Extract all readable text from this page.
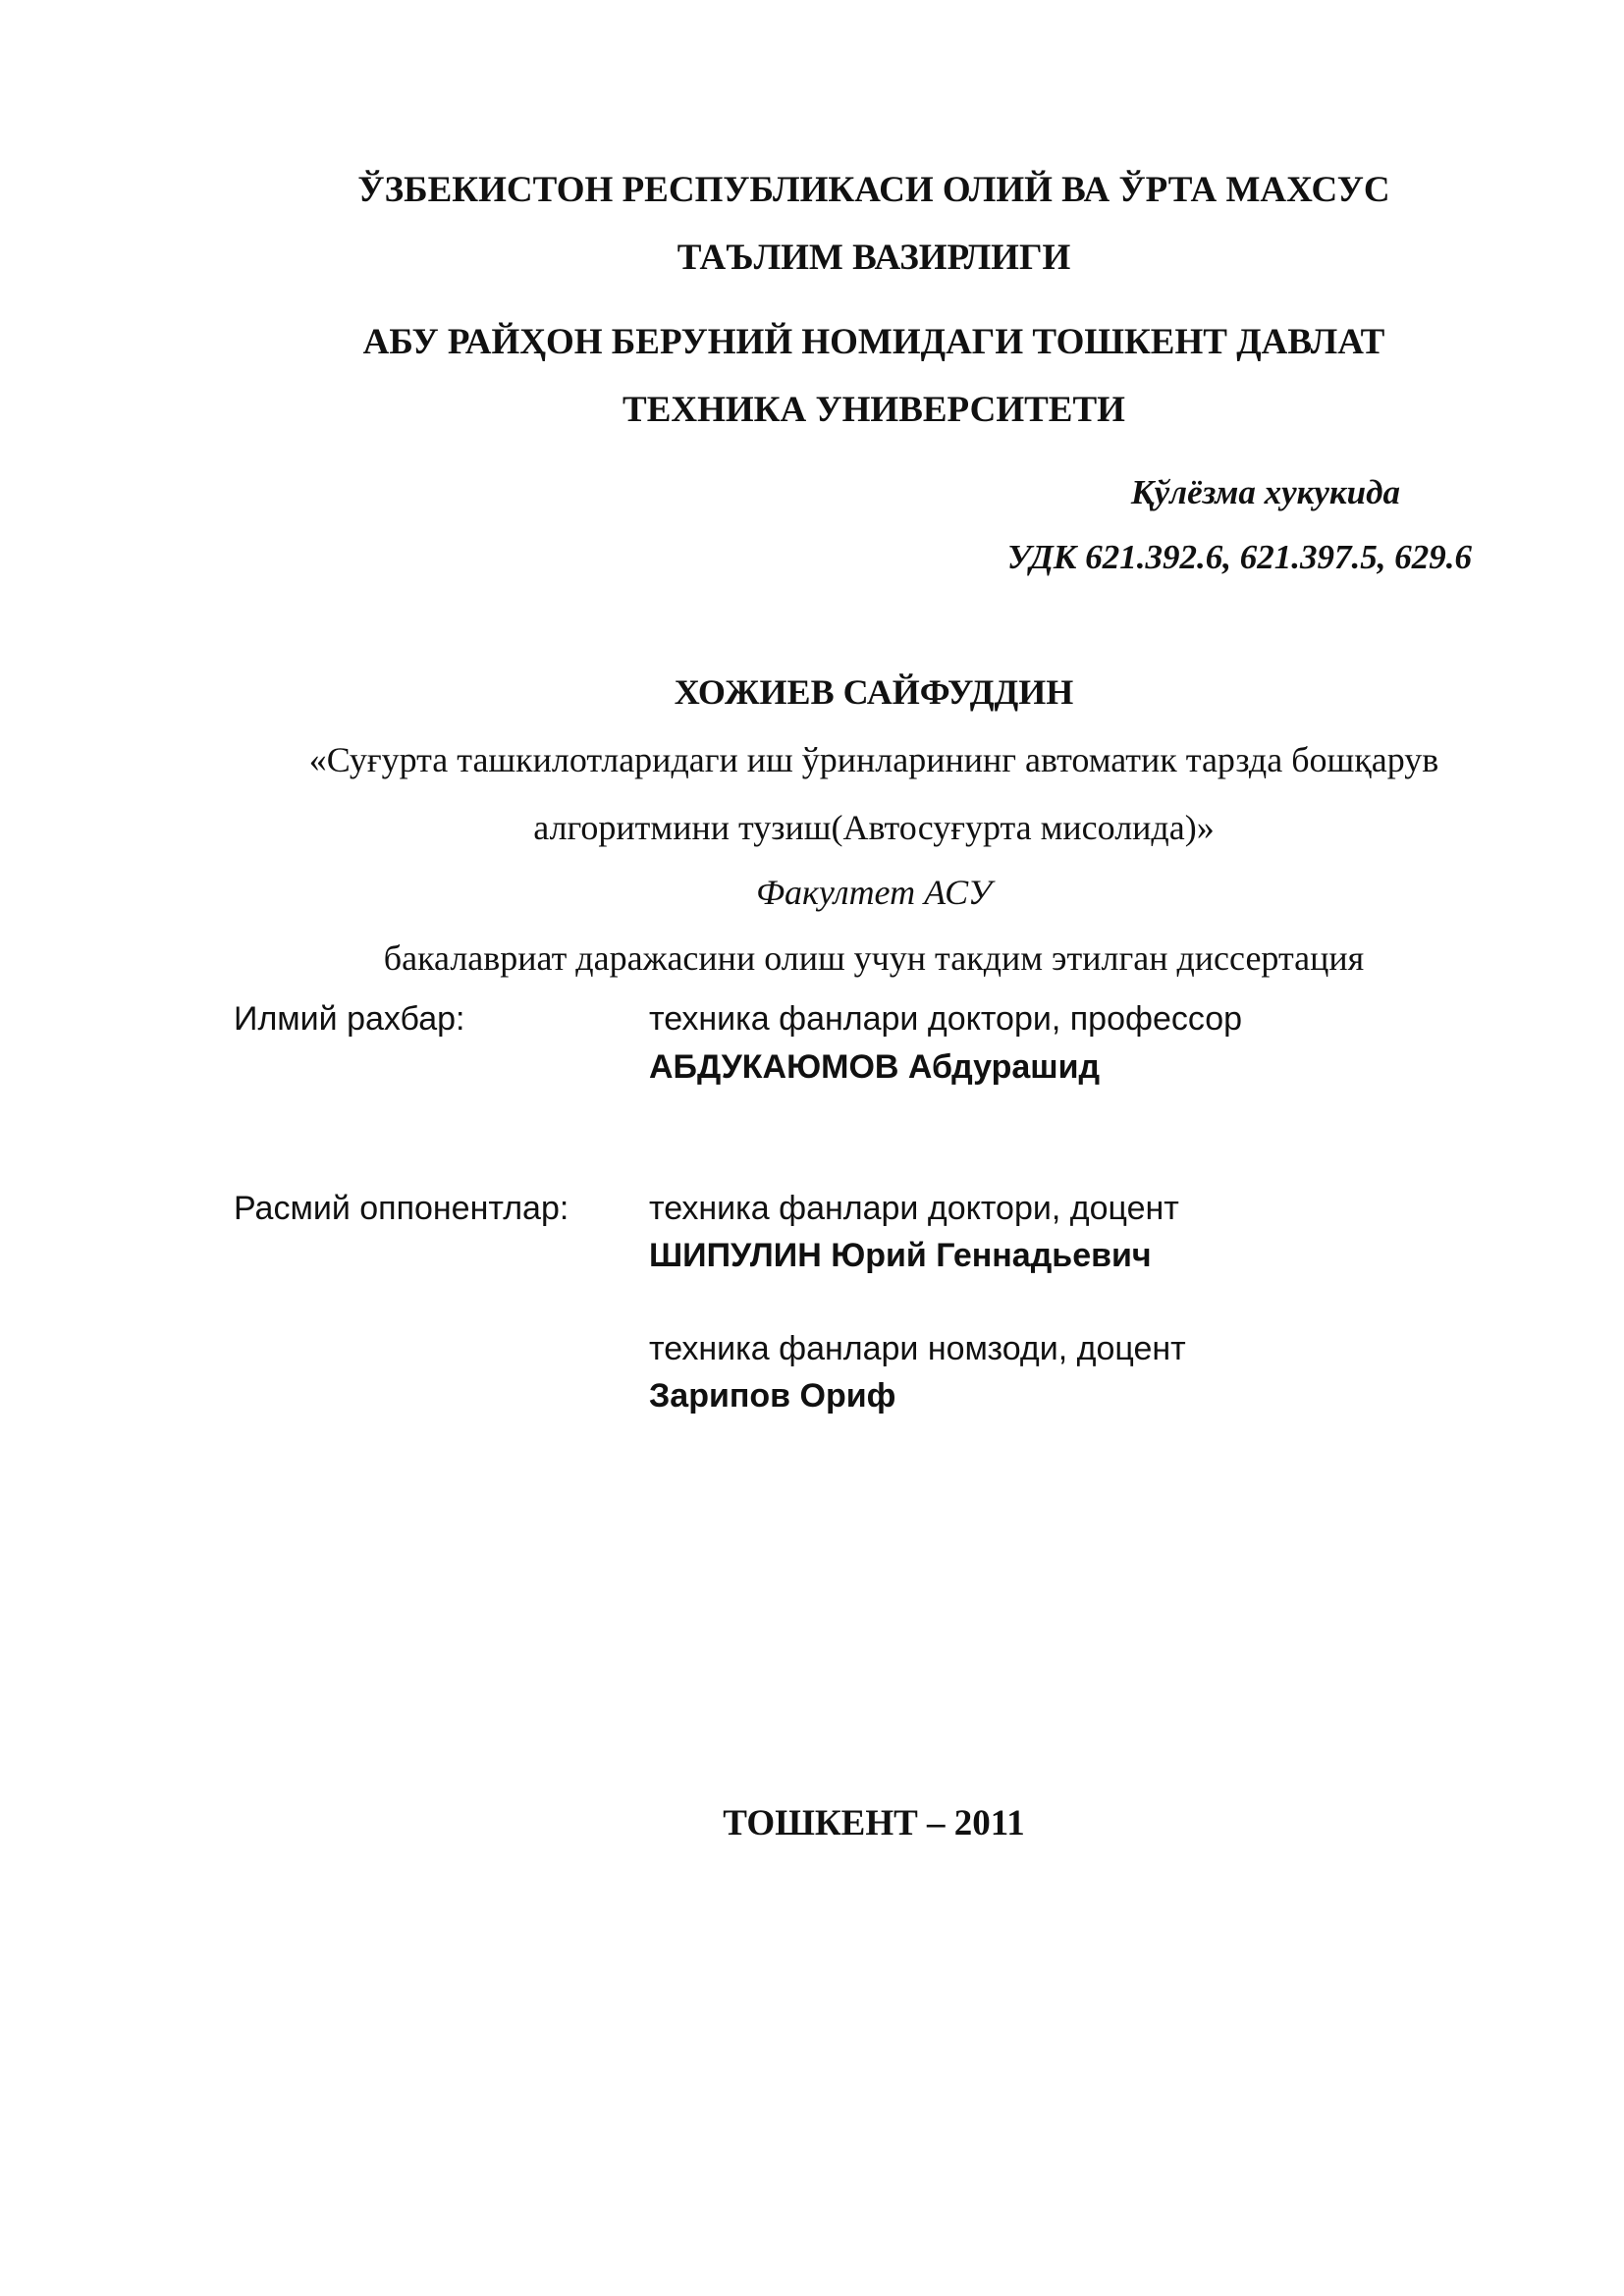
ЎЗБЕКИСТОН РЕСПУБЛИКАСИ ОЛИЙ ВА ЎРТА МАХСУС
ТАЪЛИМ ВАЗИРЛИГИ
АБУ РАЙҲОН БЕРУНИЙ НОМИДАГИ ТОШКЕНТ ДАВЛАТ
ТЕХНИКА УНИВЕРСИТЕТИ
Қўлёзма хукукида
УДК 621.392.6, 621.397.5, 629.6
ХОЖИЕВ САЙФУДДИН
«Суғурта ташкилотларидаги иш ўринларининг автоматик тарзда бошқарув
алгоритмини тузиш(Автосуғурта мисолида)»
Факултет АСУ
бакалавриат даражасини олиш учун такдим этилган диссертация
Илмий рахбар:	техника фанлари доктори, профессор
АБДУКАЮМОВ Абдурашид
Расмий оппонентлар: техника фанлари доктори, доцент
ШИПУЛИН Юрий Геннадьевич
техника фанлари номзоди, доцент
Зарипов Ориф
ТОШКЕНТ – 2011
